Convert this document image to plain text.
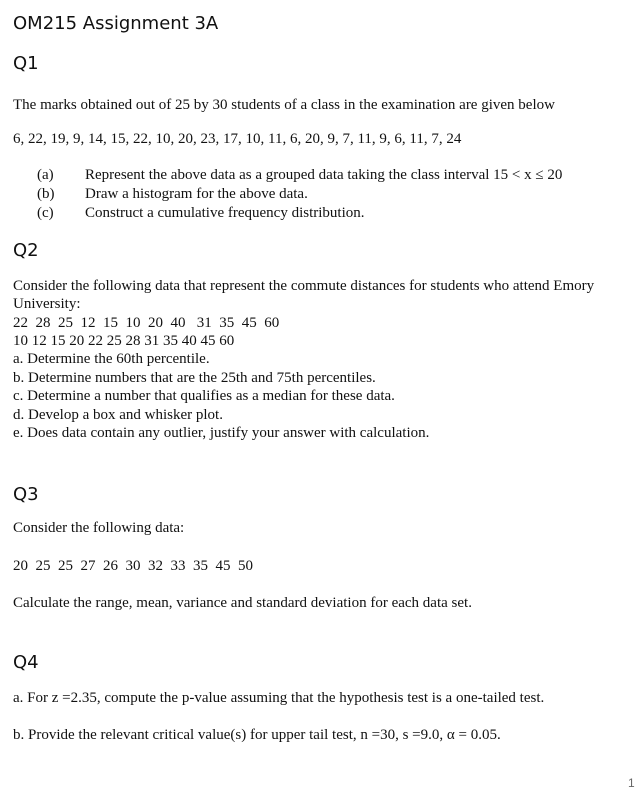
OM215 Assignment 3A
Q1
The marks obtained out of 25 by 30 students of a class in the examination are given below
6, 22, 19, 9, 14, 15, 22, 10, 20, 23, 17, 10, 11, 6, 20, 9, 7, 11, 9, 6, 11, 7, 24
(a) Represent the above data as a grouped data taking the class interval 15 < x ≤ 20
(b) Draw a histogram for the above data.
(c) Construct a cumulative frequency distribution.
Q2
Consider the following data that represent the commute distances for students who attend Emory
University:
22  28  25  12  15  10  20  40   31  35  45  60
10 12 15 20 22 25 28 31 35 40 45 60
a. Determine the 60th percentile.
b. Determine numbers that are the 25th and 75th percentiles.
c. Determine a number that qualifies as a median for these data.
d. Develop a box and whisker plot.
e. Does data contain any outlier, justify your answer with calculation.
Q3
Consider the following data:
20  25  25  27  26  30  32  33  35  45  50
Calculate the range, mean, variance and standard deviation for each data set.
Q4
a. For z =2.35, compute the p-value assuming that the hypothesis test is a one-tailed test.
b. Provide the relevant critical value(s) for upper tail test, n =30, s =9.0, α = 0.05.
1
